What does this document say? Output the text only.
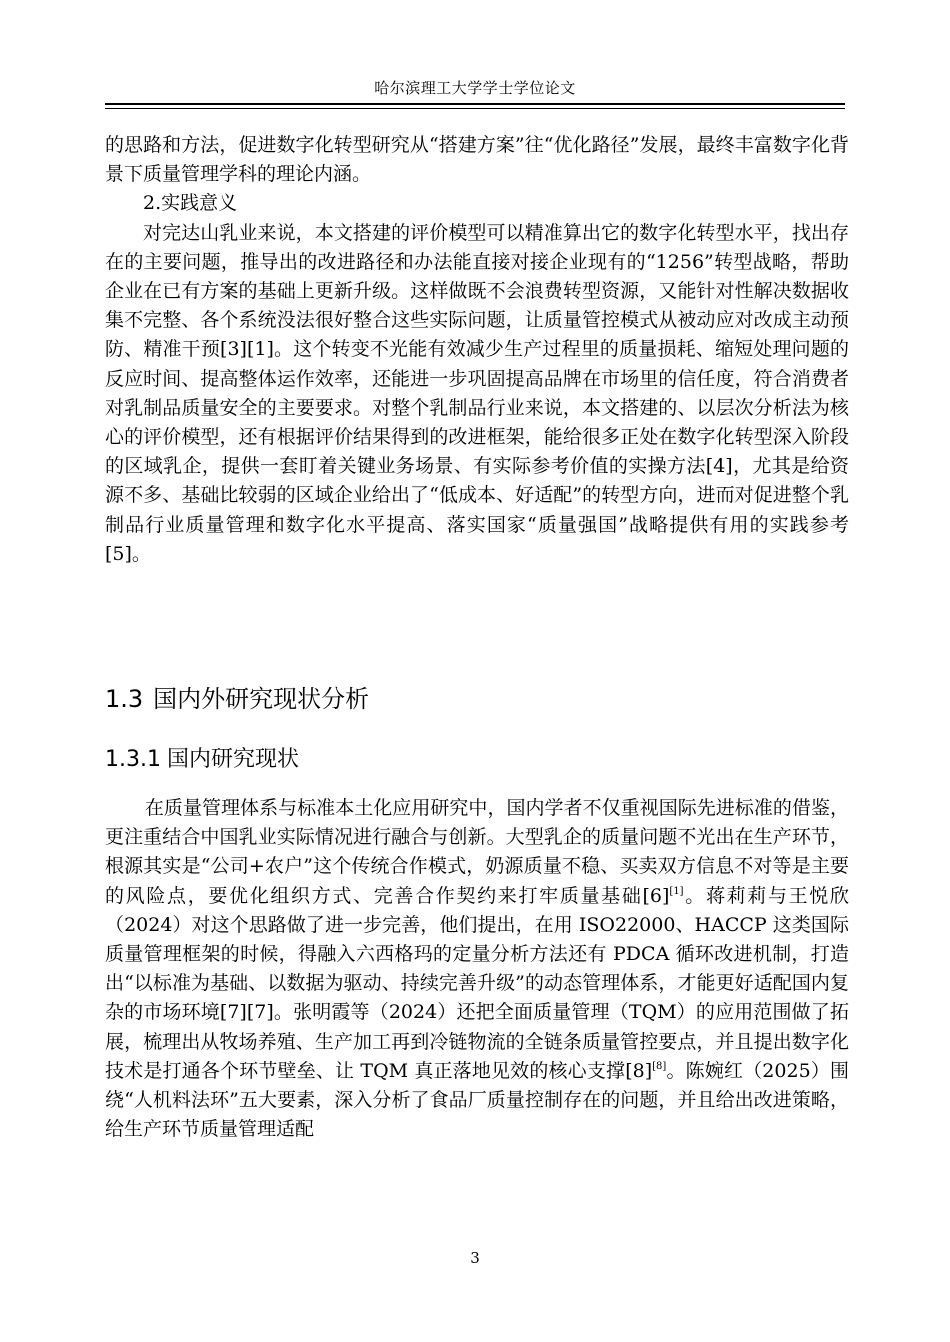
哈尔滨理工大学学士学位论文

的思路和方法，促进数字化转型研究从“搭建方案”往“优化路径”发展，最终丰富数字化背景下质量管理学科的理论内涵。

2.实践意义

对完达山乳业来说，本文搭建的评价模型可以精准算出它的数字化转型水平，找出存在的主要问题，推导出的改进路径和办法能直接对接企业现有的“1256”转型战略，帮助企业在已有方案的基础上更新升级。这样做既不会浪费转型资源，又能针对性解决数据收集不完整、各个系统没法很好整合这些实际问题，让质量管控模式从被动应对改成主动预防、精准干预[3][1]。这个转变不光能有效减少生产过程里的质量损耗、缩短处理问题的反应时间、提高整体运作效率，还能进一步巩固提高品牌在市场里的信任度，符合消费者对乳制品质量安全的主要要求。对整个乳制品行业来说，本文搭建的、以层次分析法为核心的评价模型，还有根据评价结果得到的改进框架，能给很多正处在数字化转型深入阶段的区域乳企，提供一套盯着关键业务场景、有实际参考价值的实操方法[4]，尤其是给资源不多、基础比较弱的区域企业给出了“低成本、好适配”的转型方向，进而对促进整个乳制品行业质量管理和数字化水平提高、落实国家“质量强国”战略提供有用的实践参考[5]。

1.3 国内外研究现状分析
1.3.1 国内研究现状

在质量管理体系与标准本土化应用研究中，国内学者不仅重视国际先进标准的借鉴，更注重结合中国乳业实际情况进行融合与创新。大型乳企的质量问题不光出在生产环节，根源其实是“公司+农户”这个传统合作模式，奶源质量不稳、买卖双方信息不对等是主要的风险点，要优化组织方式、完善合作契约来打牢质量基础[6][1]。蒋莉莉与王悦欣（2024）对这个思路做了进一步完善，他们提出，在用 ISO22000、HACCP 这类国际质量管理框架的时候，得融入六西格玛的定量分析方法还有 PDCA 循环改进机制，打造出“以标准为基础、以数据为驱动、持续完善升级”的动态管理体系，才能更好适配国内复杂的市场环境[7][7]。张明霞等（2024）还把全面质量管理（TQM）的应用范围做了拓展，梳理出从牧场养殖、生产加工再到冷链物流的全链条质量管控要点，并且提出数字化技术是打通各个环节壁垒、让 TQM 真正落地见效的核心支撑[8][8]。陈婉红（2025）围绕“人机料法环”五大要素，深入分析了食品厂质量控制存在的问题，并且给出改进策略，给生产环节质量管理适配

3
